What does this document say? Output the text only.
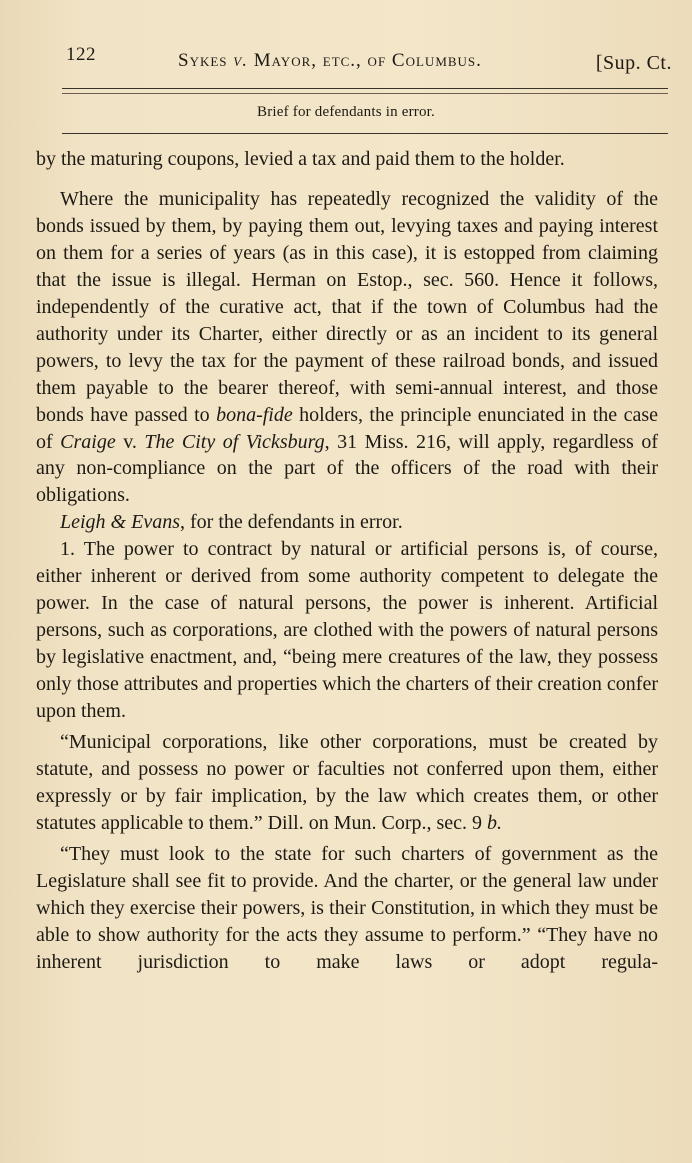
122	Sykes v. Mayor, etc., of Columbus.	[Sup. Ct.
Brief for defendants in error.

by the maturing coupons, levied a tax and paid them to the holder.

Where the municipality has repeatedly recognized the validity of the bonds issued by them, by paying them out, levying taxes and paying interest on them for a series of years (as in this case), it is estopped from claiming that the issue is illegal. Herman on Estop., sec. 560. Hence it follows, independently of the curative act, that if the town of Columbus had the authority under its Charter, either directly or as an incident to its general powers, to levy the tax for the payment of these railroad bonds, and issued them payable to the bearer thereof, with semi-annual interest, and those bonds have passed to bona-fide holders, the principle enunciated in the case of Craige v. The City of Vicksburg, 31 Miss. 216, will apply, regardless of any non-compliance on the part of the officers of the road with their obligations.

Leigh & Evans, for the defendants in error.

1. The power to contract by natural or artificial persons is, of course, either inherent or derived from some authority competent to delegate the power. In the case of natural persons, the power is inherent. Artificial persons, such as corporations, are clothed with the powers of natural persons by legislative enactment, and, “being mere creatures of the law, they possess only those attributes and properties which the charters of their creation confer upon them.

“Municipal corporations, like other corporations, must be created by statute, and possess no power or faculties not conferred upon them, either expressly or by fair implication, by the law which creates them, or other statutes applicable to them.” Dill. on Mun. Corp., sec. 9 b.

“They must look to the state for such charters of government as the Legislature shall see fit to provide. And the charter, or the general law under which they exercise their powers, is their Constitution, in which they must be able to show authority for the acts they assume to perform.” “They have no inherent jurisdiction to make laws or adopt regula-
